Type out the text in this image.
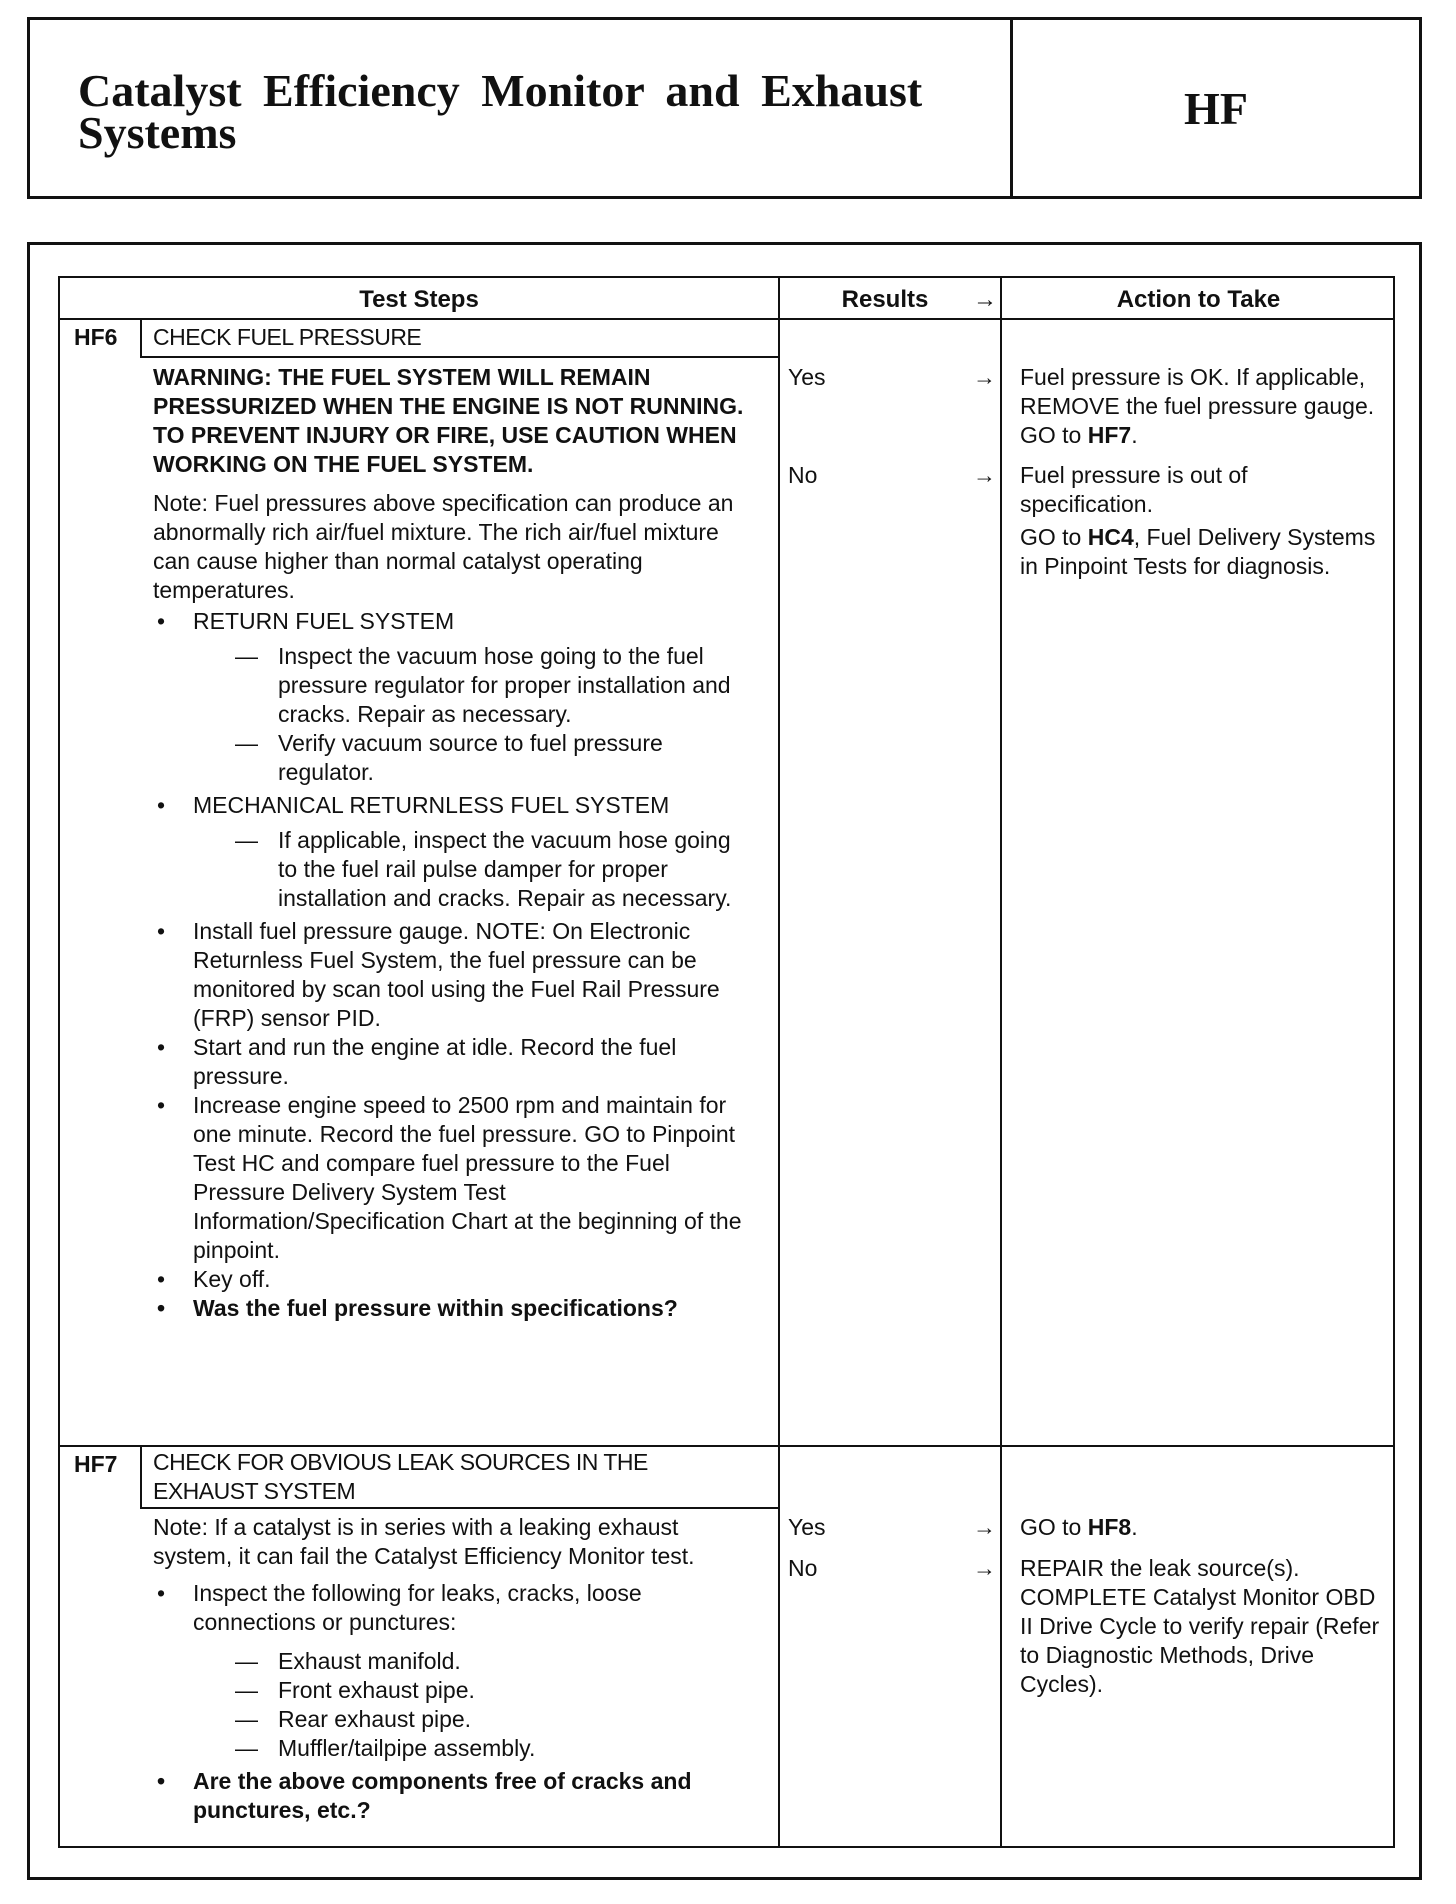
Catalyst Efficiency Monitor and Exhaust Systems	HF
Test Steps	Results	→	Action to Take
HF6 CHECK FUEL PRESSURE

WARNING: THE FUEL SYSTEM WILL REMAIN PRESSURIZED WHEN THE ENGINE IS NOT RUNNING. TO PREVENT INJURY OR FIRE, USE CAUTION WHEN WORKING ON THE FUEL SYSTEM.

Note: Fuel pressures above specification can produce an abnormally rich air/fuel mixture. The rich air/fuel mixture can cause higher than normal catalyst operating temperatures.

• RETURN FUEL SYSTEM
— Inspect the vacuum hose going to the fuel pressure regulator for proper installation and cracks. Repair as necessary.
— Verify vacuum source to fuel pressure regulator.
• MECHANICAL RETURNLESS FUEL SYSTEM
— If applicable, inspect the vacuum hose going to the fuel rail pulse damper for proper installation and cracks. Repair as necessary.
• Install fuel pressure gauge. NOTE: On Electronic Returnless Fuel System, the fuel pressure can be monitored by scan tool using the Fuel Rail Pressure (FRP) sensor PID.
• Start and run the engine at idle. Record the fuel pressure.
• Increase engine speed to 2500 rpm and maintain for one minute. Record the fuel pressure. GO to Pinpoint Test HC and compare fuel pressure to the Fuel Pressure Delivery System Test Information/Specification Chart at the beginning of the pinpoint.
• Key off.
• Was the fuel pressure within specifications?
Yes	→ Fuel pressure is OK. If applicable, REMOVE the fuel pressure gauge. GO to HF7.
No	→ Fuel pressure is out of specification.

GO to HC4, Fuel Delivery Systems in Pinpoint Tests for diagnosis.

HF7 CHECK FOR OBVIOUS LEAK SOURCES IN THE EXHAUST SYSTEM

Note: If a catalyst is in series with a leaking exhaust system, it can fail the Catalyst Efficiency Monitor test.

• Inspect the following for leaks, cracks, loose connections or punctures:
— Exhaust manifold.
— Front exhaust pipe.
— Rear exhaust pipe.
— Muffler/tailpipe assembly.
• Are the above components free of cracks and punctures, etc.?
Yes	→ GO to HF8.
No	→ REPAIR the leak source(s). COMPLETE Catalyst Monitor OBD II Drive Cycle to verify repair (Refer to Diagnostic Methods, Drive Cycles).
